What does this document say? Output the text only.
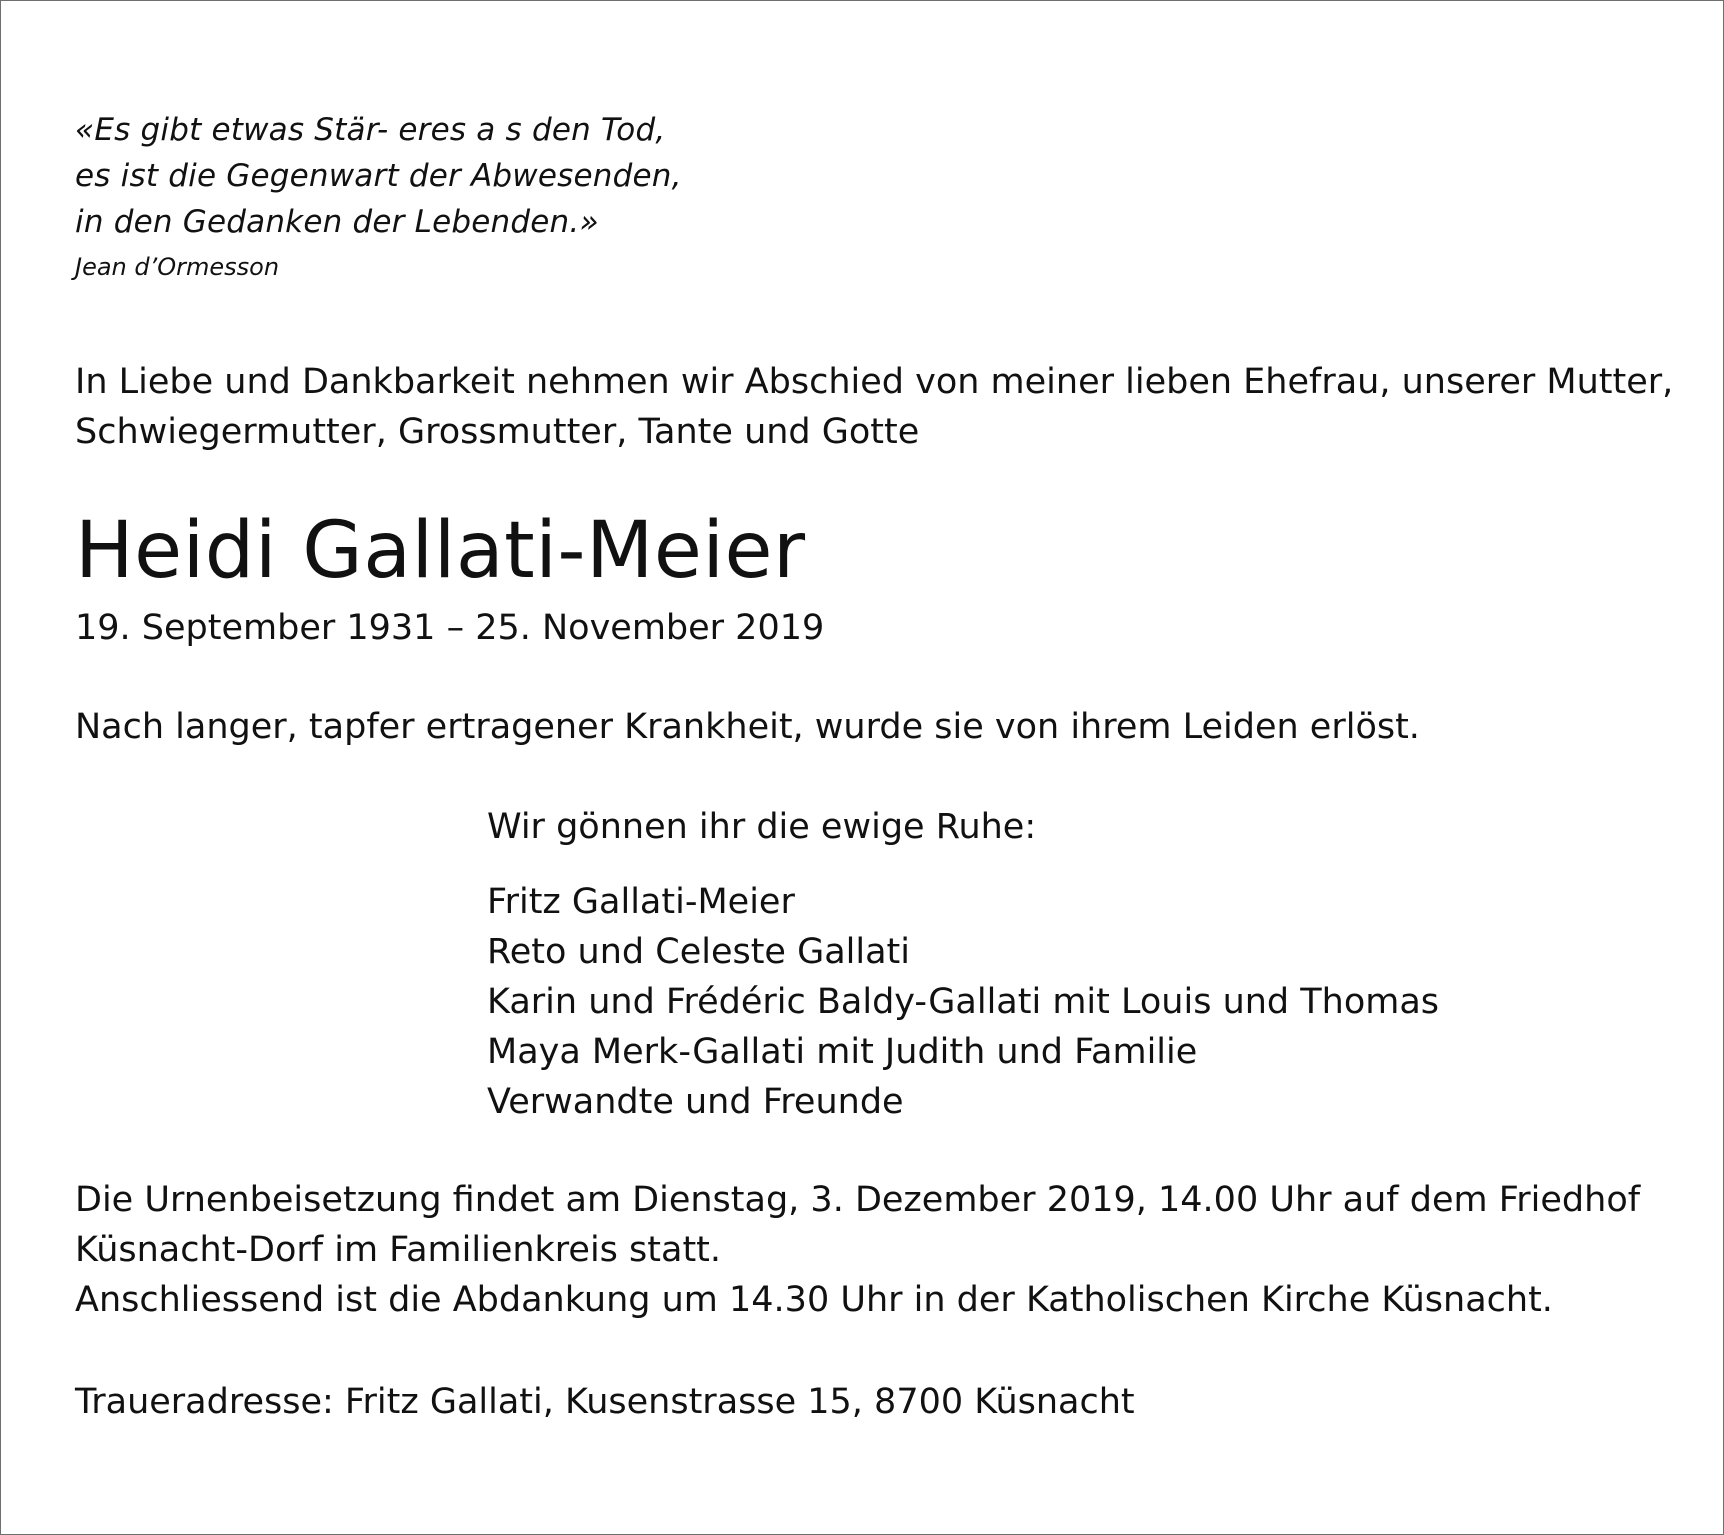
«Es gibt etwas Stär- eres a s den Tod,
es ist die Gegenwart der Abwesenden,
in den Gedanken der Lebenden.»
Jean d’Ormesson
In Liebe und Dankbarkeit nehmen wir Abschied von meiner lieben Ehefrau, unserer Mutter,
Schwiegermutter, Grossmutter, Tante und Gotte
Heidi Gallati-Meier
19. September 1931 – 25. November 2019
Nach langer, tapfer ertragener Krankheit, wurde sie von ihrem Leiden erlöst.
Wir gönnen ihr die ewige Ruhe:
Fritz Gallati-Meier
Reto und Celeste Gallati
Karin und Frédéric Baldy-Gallati mit Louis und Thomas
Maya Merk-Gallati mit Judith und Familie
Verwandte und Freunde
Die Urnenbeisetzung findet am Dienstag, 3. Dezember 2019, 14.00 Uhr auf dem Friedhof
Küsnacht-Dorf im Familienkreis statt.
Anschliessend ist die Abdankung um 14.30 Uhr in der Katholischen Kirche Küsnacht.
Traueradresse: Fritz Gallati, Kusenstrasse 15, 8700 Küsnacht
